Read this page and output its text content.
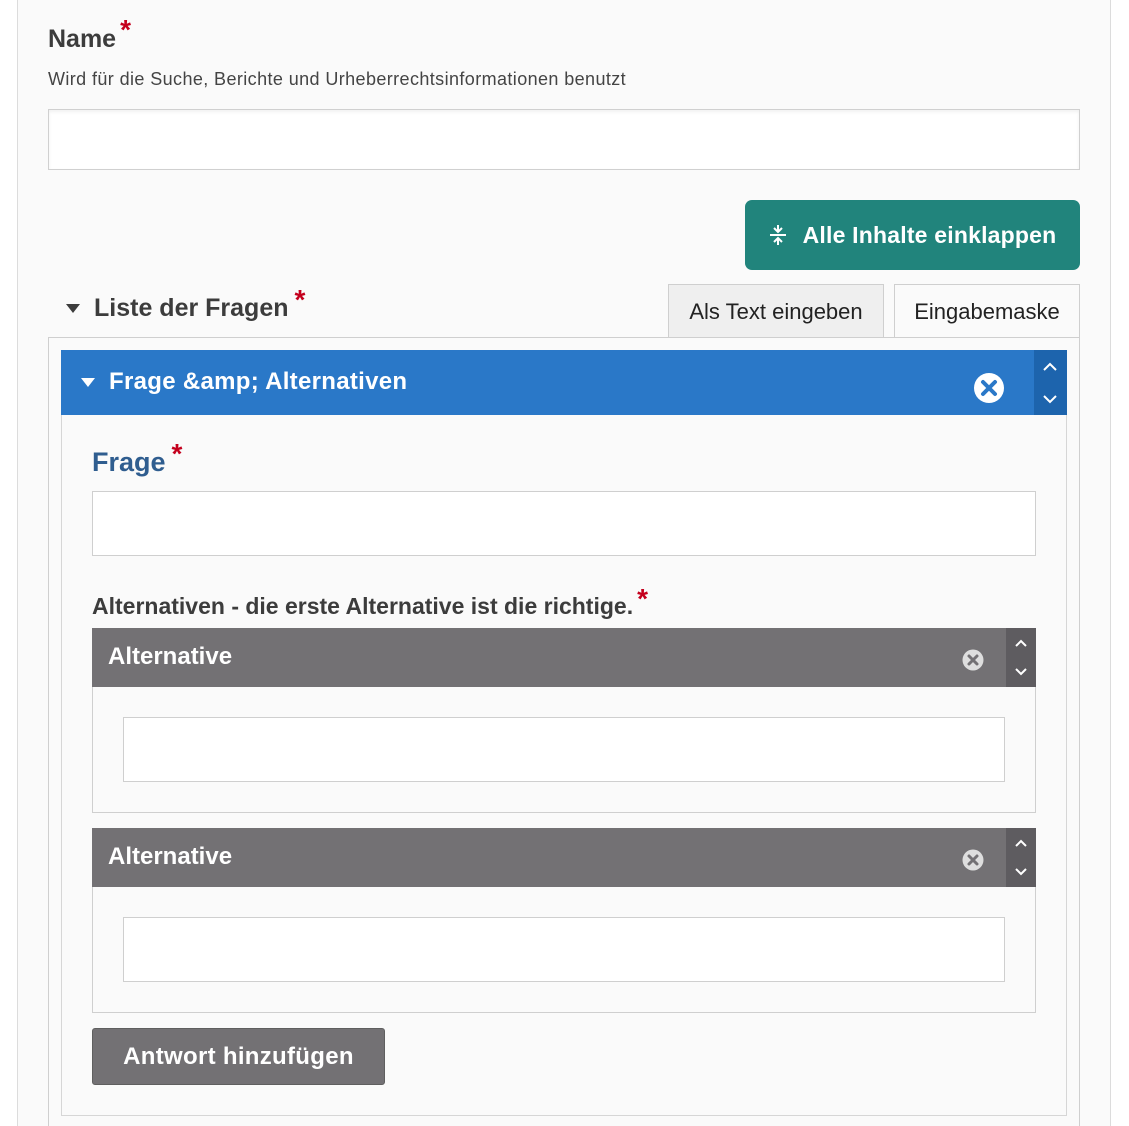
Name *
Wird für die Suche, Berichte und Urheberrechtsinformationen benutzt
Alle Inhalte einklappen
Liste der Fragen *	Als Text eingeben	Eingabemaske
Frage &amp; Alternativen
Frage *
Alternativen - die erste Alternative ist die richtige. *
Alternative
Alternative
Antwort hinzufügen
